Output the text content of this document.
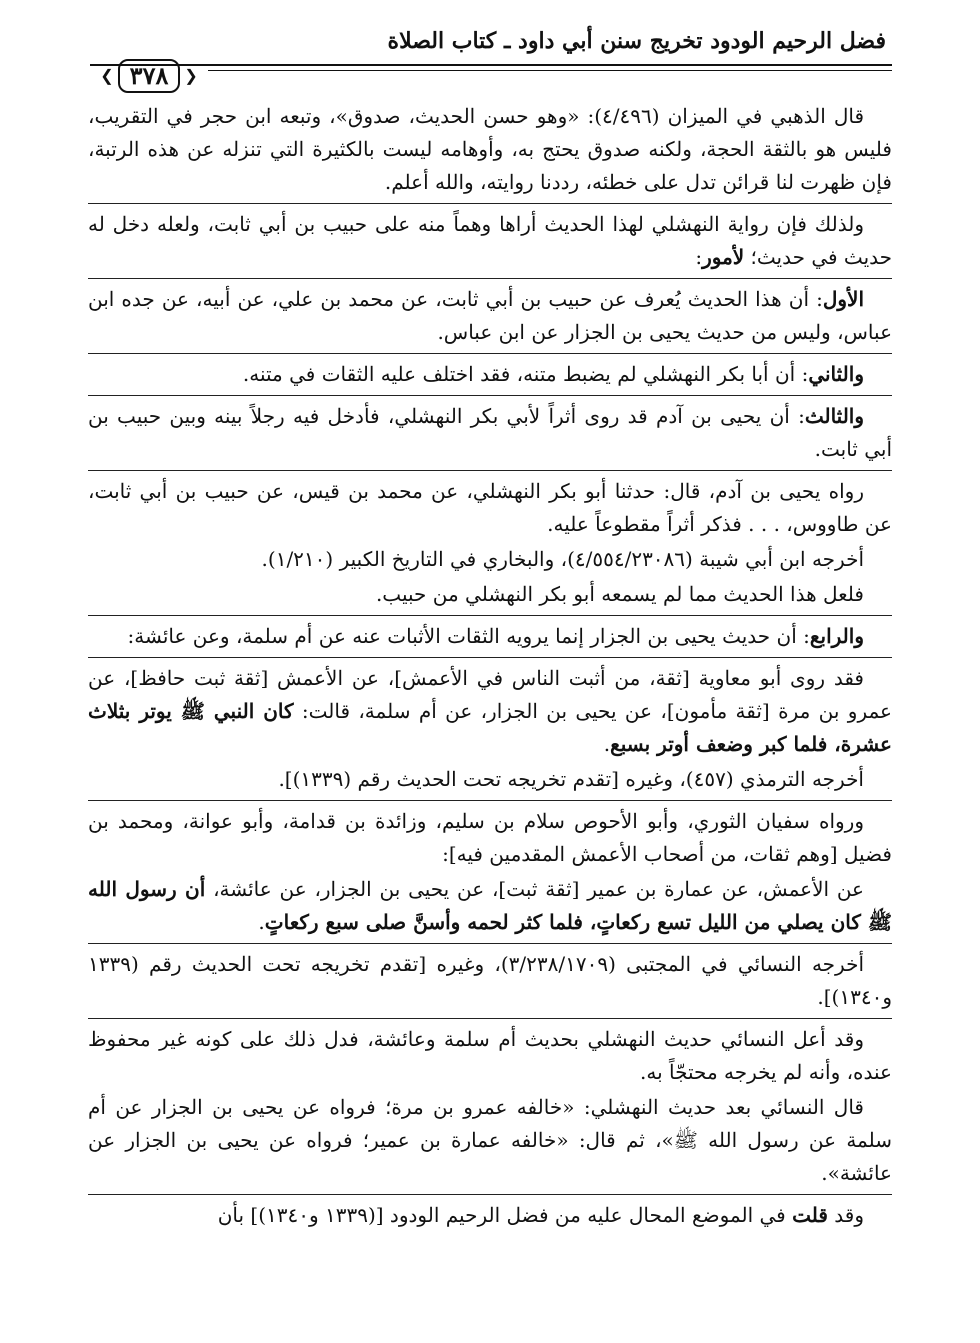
فضل الرحيم الودود تخريج سنن أبي داود ـ كتاب الصلاة
❮
٣٧٨
❯

قال الذهبي في الميزان (٤/٤٩٦): «وهو حسن الحديث، صدوق»، وتبعه ابن حجر في التقريب، فليس هو بالثقة الحجة، ولكنه صدوق يحتج به، وأوهامه ليست بالكثيرة التي تنزله عن هذه الرتبة، فإن ظهرت لنا قرائن تدل على خطئه، رددنا روايته، والله أعلم.

ولذلك فإن رواية النهشلي لهذا الحديث أراها وهماً منه على حبيب بن أبي ثابت، ولعله دخل له حديث في حديث؛ لأمور:

الأول: أن هذا الحديث يُعرف عن حبيب بن أبي ثابت، عن محمد بن علي، عن أبيه، عن جده ابن عباس، وليس من حديث يحيى بن الجزار عن ابن عباس.

والثاني: أن أبا بكر النهشلي لم يضبط متنه، فقد اختلف عليه الثقات في متنه.

والثالث: أن يحيى بن آدم قد روى أثراً لأبي بكر النهشلي، فأدخل فيه رجلاً بينه وبين حبيب بن أبي ثابت.

رواه يحيى بن آدم، قال: حدثنا أبو بكر النهشلي، عن محمد بن قيس، عن حبيب بن أبي ثابت، عن طاووس، . . . فذكر أثراً مقطوعاً عليه.

أخرجه ابن أبي شيبة (٤/٥٥٤/٢٣٠٨٦)، والبخاري في التاريخ الكبير (١/٢١٠).

فلعل هذا الحديث مما لم يسمعه أبو بكر النهشلي من حبيب.

والرابع: أن حديث يحيى بن الجزار إنما يرويه الثقات الأثبات عنه عن أم سلمة، وعن عائشة:

فقد روى أبو معاوية [ثقة، من أثبت الناس في الأعمش]، عن الأعمش [ثقة ثبت حافظ]، عن عمرو بن مرة [ثقة مأمون]، عن يحيى بن الجزار، عن أم سلمة، قالت: كان النبي ﷺ يوتر بثلاث عشرة، فلما كبر وضعف أوتر بسبع.

أخرجه الترمذي (٤٥٧)، وغيره [تقدم تخريجه تحت الحديث رقم (١٣٣٩)].

ورواه سفيان الثوري، وأبو الأحوص سلام بن سليم، وزائدة بن قدامة، وأبو عوانة، ومحمد بن فضيل [وهم ثقات، من أصحاب الأعمش المقدمين فيه]:

عن الأعمش، عن عمارة بن عمير [ثقة ثبت]، عن يحيى بن الجزار، عن عائشة، أن رسول الله ﷺ كان يصلي من الليل تسع ركعاتٍ، فلما كثر لحمه وأسنَّ صلى سبع ركعاتٍ.

أخرجه النسائي في المجتبى (٣/٢٣٨/١٧٠٩)، وغيره [تقدم تخريجه تحت الحديث رقم (١٣٣٩ و١٣٤٠)].

وقد أعل النسائي حديث النهشلي بحديث أم سلمة وعائشة، فدل ذلك على كونه غير محفوظ عنده، وأنه لم يخرجه محتجّاً به.

قال النسائي بعد حديث النهشلي: «خالفه عمرو بن مرة؛ فرواه عن يحيى بن الجزار عن أم سلمة عن رسول الله ﷺ»، ثم قال: «خالفه عمارة بن عمير؛ فرواه عن يحيى بن الجزار عن عائشة».

وقد قلت في الموضع المحال عليه من فضل الرحيم الودود [(١٣٣٩ و١٣٤٠)] بأن
